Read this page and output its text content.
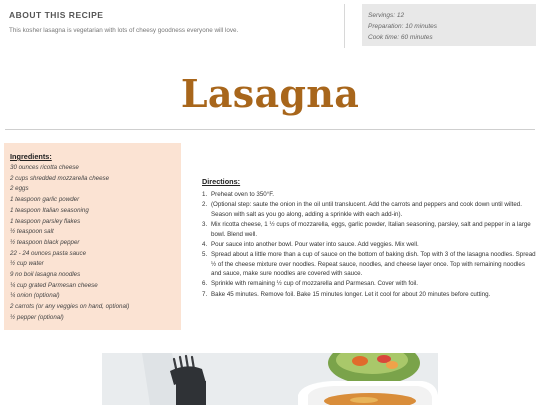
ABOUT THIS RECIPE
This kosher lasagna is vegetarian with lots of cheesy goodness everyone will love.
Servings: 12
Preparation: 10 minutes
Cook time: 60 minutes
Lasagna
Ingredients:
30 ounces ricotta cheese
2 cups shredded mozzarella cheese
2 eggs
1 teaspoon garlic powder
1 teaspoon Italian seasoning
1 teaspoon parsley flakes
½ teaspoon salt
½ teaspoon black pepper
22 - 24 ounces pasta sauce
½ cup water
9 no boil lasagna noodles
¼ cup grated Parmesan cheese
¼ onion (optional)
2 carrots (or any veggies on hand, optional)
½ pepper (optional)
Directions:
1. Preheat oven to 350°F.
2. (Optional step: saute the onion in the oil until translucent. Add the carrots and peppers and cook down until wilted. Season with salt as you go along, adding a sprinkle with each add-in).
3. Mix ricotta cheese, 1 ½ cups of mozzarella, eggs, garlic powder, Italian seasoning, parsley, salt and pepper in a large bowl. Blend well.
4. Pour sauce into another bowl. Pour water into sauce. Add veggies. Mix well.
5. Spread about a little more than a cup of sauce on the bottom of baking dish. Top with 3 of the lasagna noodles. Spread ½ of the cheese mixture over noodles. Repeat sauce, noodles, and cheese layer once. Top with remaining noodles and sauce, make sure noodles are covered with sauce.
6. Sprinkle with remaining ½ cup of mozzarella and Parmesan. Cover with foil.
7. Bake 45 minutes. Remove foil. Bake 15 minutes longer. Let it cool for about 20 minutes before cutting.
